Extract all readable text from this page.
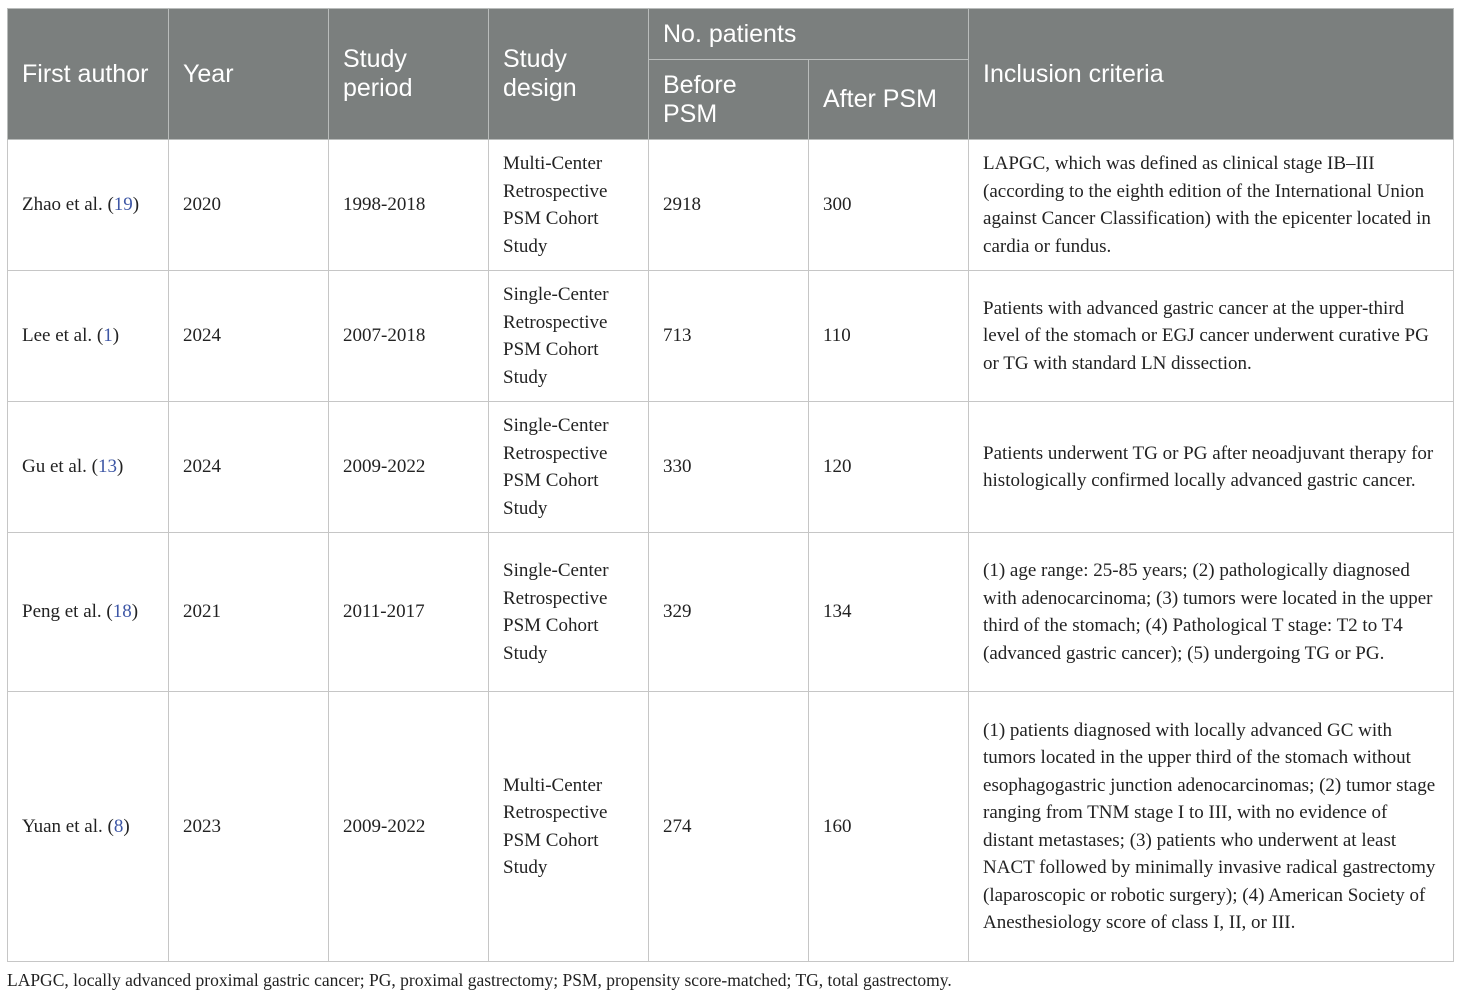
First author	Year	Study period	Study design	No. patients		Inclusion criteria
				Before PSM	After PSM	
Zhao et al. (19)	2020	1998-2018	Multi-Center Retrospective PSM Cohort Study	2918	300	LAPGC, which was defined as clinical stage IB–III (according to the eighth edition of the International Union against Cancer Classification) with the epicenter located in cardia or fundus.
Lee et al. (1)	2024	2007-2018	Single-Center Retrospective PSM Cohort Study	713	110	Patients with advanced gastric cancer at the upper-third level of the stomach or EGJ cancer underwent curative PG or TG with standard LN dissection.
Gu et al. (13)	2024	2009-2022	Single-Center Retrospective PSM Cohort Study	330	120	Patients underwent TG or PG after neoadjuvant therapy for histologically confirmed locally advanced gastric cancer.
Peng et al. (18)	2021	2011-2017	Single-Center Retrospective PSM Cohort Study	329	134	(1) age range: 25-85 years; (2) pathologically diagnosed with adenocarcinoma; (3) tumors were located in the upper third of the stomach; (4) Pathological T stage: T2 to T4 (advanced gastric cancer); (5) undergoing TG or PG.
Yuan et al. (8)	2023	2009-2022	Multi-Center Retrospective PSM Cohort Study	274	160	(1) patients diagnosed with locally advanced GC with tumors located in the upper third of the stomach without esophagogastric junction adenocarcinomas; (2) tumor stage ranging from TNM stage I to III, with no evidence of distant metastases; (3) patients who underwent at least NACT followed by minimally invasive radical gastrectomy (laparoscopic or robotic surgery); (4) American Society of Anesthesiology score of class I, II, or III.
LAPGC, locally advanced proximal gastric cancer; PG, proximal gastrectomy; PSM, propensity score-matched; TG, total gastrectomy.
